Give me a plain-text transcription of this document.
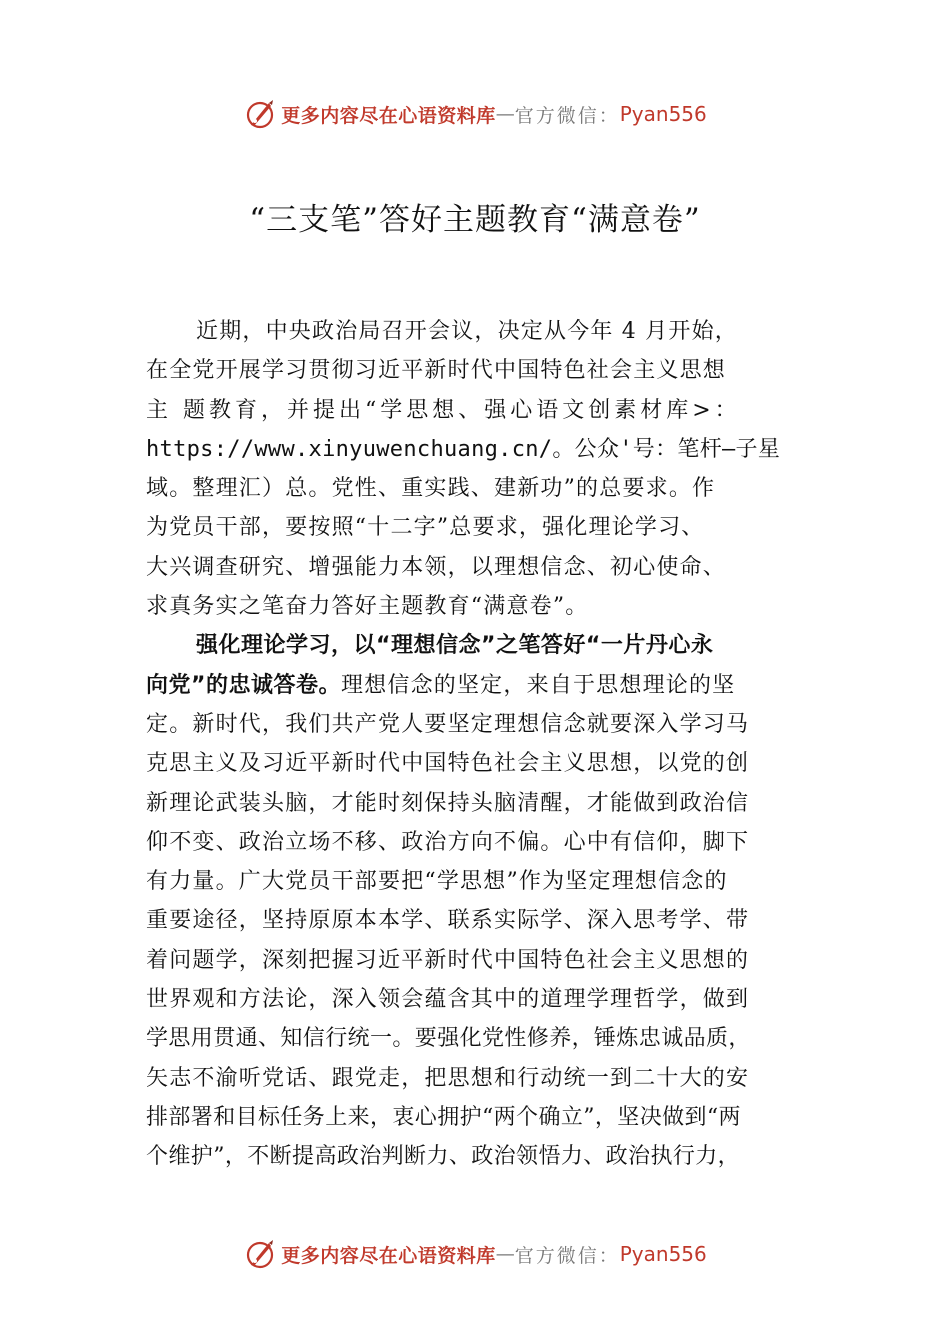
更多内容尽在心语资料库 — 官方微信： Pyan556
“三支笔”答好主题教育“满意卷”
近期，中央政治局召开会议，决定从今年 4 月开始，
在全党开展学习贯彻习近平新时代中国特色社会主义思想
主 题教育，并提出“学思想、强心语文创素材库>：
https://www.xinyuwenchuang.cn/。公众'号：笔杆—子星
域。整理汇）总。党性、重实践、建新功”的总要求。作
为党员干部，要按照“十二字”总要求，强化理论学习、
大兴调查研究、增强能力本领，以理想信念、初心使命、
求真务实之笔奋力答好主题教育“满意卷”。
强化理论学习，以“理想信念”之笔答好“一片丹心永
向党”的忠诚答卷。理想信念的坚定，来自于思想理论的坚
定。新时代，我们共产党人要坚定理想信念就要深入学习马
克思主义及习近平新时代中国特色社会主义思想，以党的创
新理论武装头脑，才能时刻保持头脑清醒，才能做到政治信
仰不变、政治立场不移、政治方向不偏。心中有信仰，脚下
有力量。广大党员干部要把“学思想”作为坚定理想信念的
重要途径，坚持原原本本学、联系实际学、深入思考学、带
着问题学，深刻把握习近平新时代中国特色社会主义思想的
世界观和方法论，深入领会蕴含其中的道理学理哲学，做到
学思用贯通、知信行统一。要强化党性修养，锤炼忠诚品质，
矢志不渝听党话、跟党走，把思想和行动统一到二十大的安
排部署和目标任务上来，衷心拥护“两个确立”，坚决做到“两
个维护”，不断提高政治判断力、政治领悟力、政治执行力，
更多内容尽在心语资料库 — 官方微信： Pyan556
